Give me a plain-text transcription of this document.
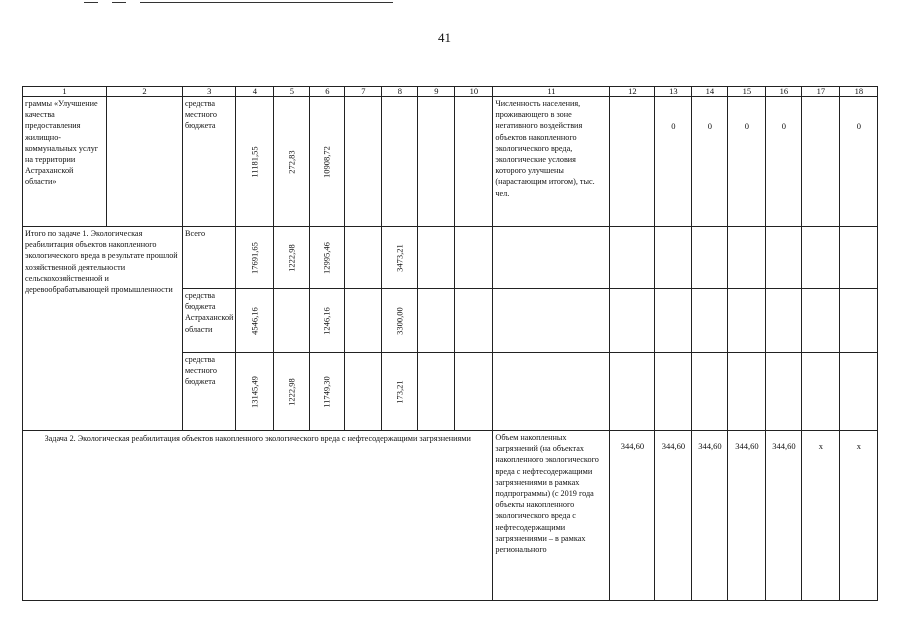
41
1	2	3	4	5	6	7	8	9	10	11	12	13	14	15	16	17	18
граммы «Улучшение качества предоставления жилищно-коммунальных услуг на территории Астраханской области»		средства местного бюджета	11181,55	272,83	10908,72					Численность населения, проживающего в зоне негативного воздействия объектов накопленного экологического вреда, экологические условия которого улучшены (нарастающим итогом), тыс. чел.		0	0	0	0		0
Итого по задаче 1. Экологическая реабилитация объектов накопленного экологического вреда в результате прошлой хозяйственной деятельности сельскохозяйственной и деревообрабатывающей промышленности		Всего	17691,65	1222,98	12995,46		3473,21										

		средства бюджета Астраханской области	4546,16		1246,16		3300,00										

		средства местного бюджета	13145,49	1222,98	11749,30		173,21										

Задача 2. Экологическая реабилитация объектов накопленного экологического вреда с нефтесодержащими загрязнениями										Объем накопленных загрязнений (на объектах накопленного экологического вреда с нефтесодержащими загрязнениями в рамках подпрограммы) (с 2019 года объекты накопленного экологического вреда с нефтесодержащими загрязнениями – в рамках регионального	344,60	344,60	344,60	344,60	344,60	х	х
